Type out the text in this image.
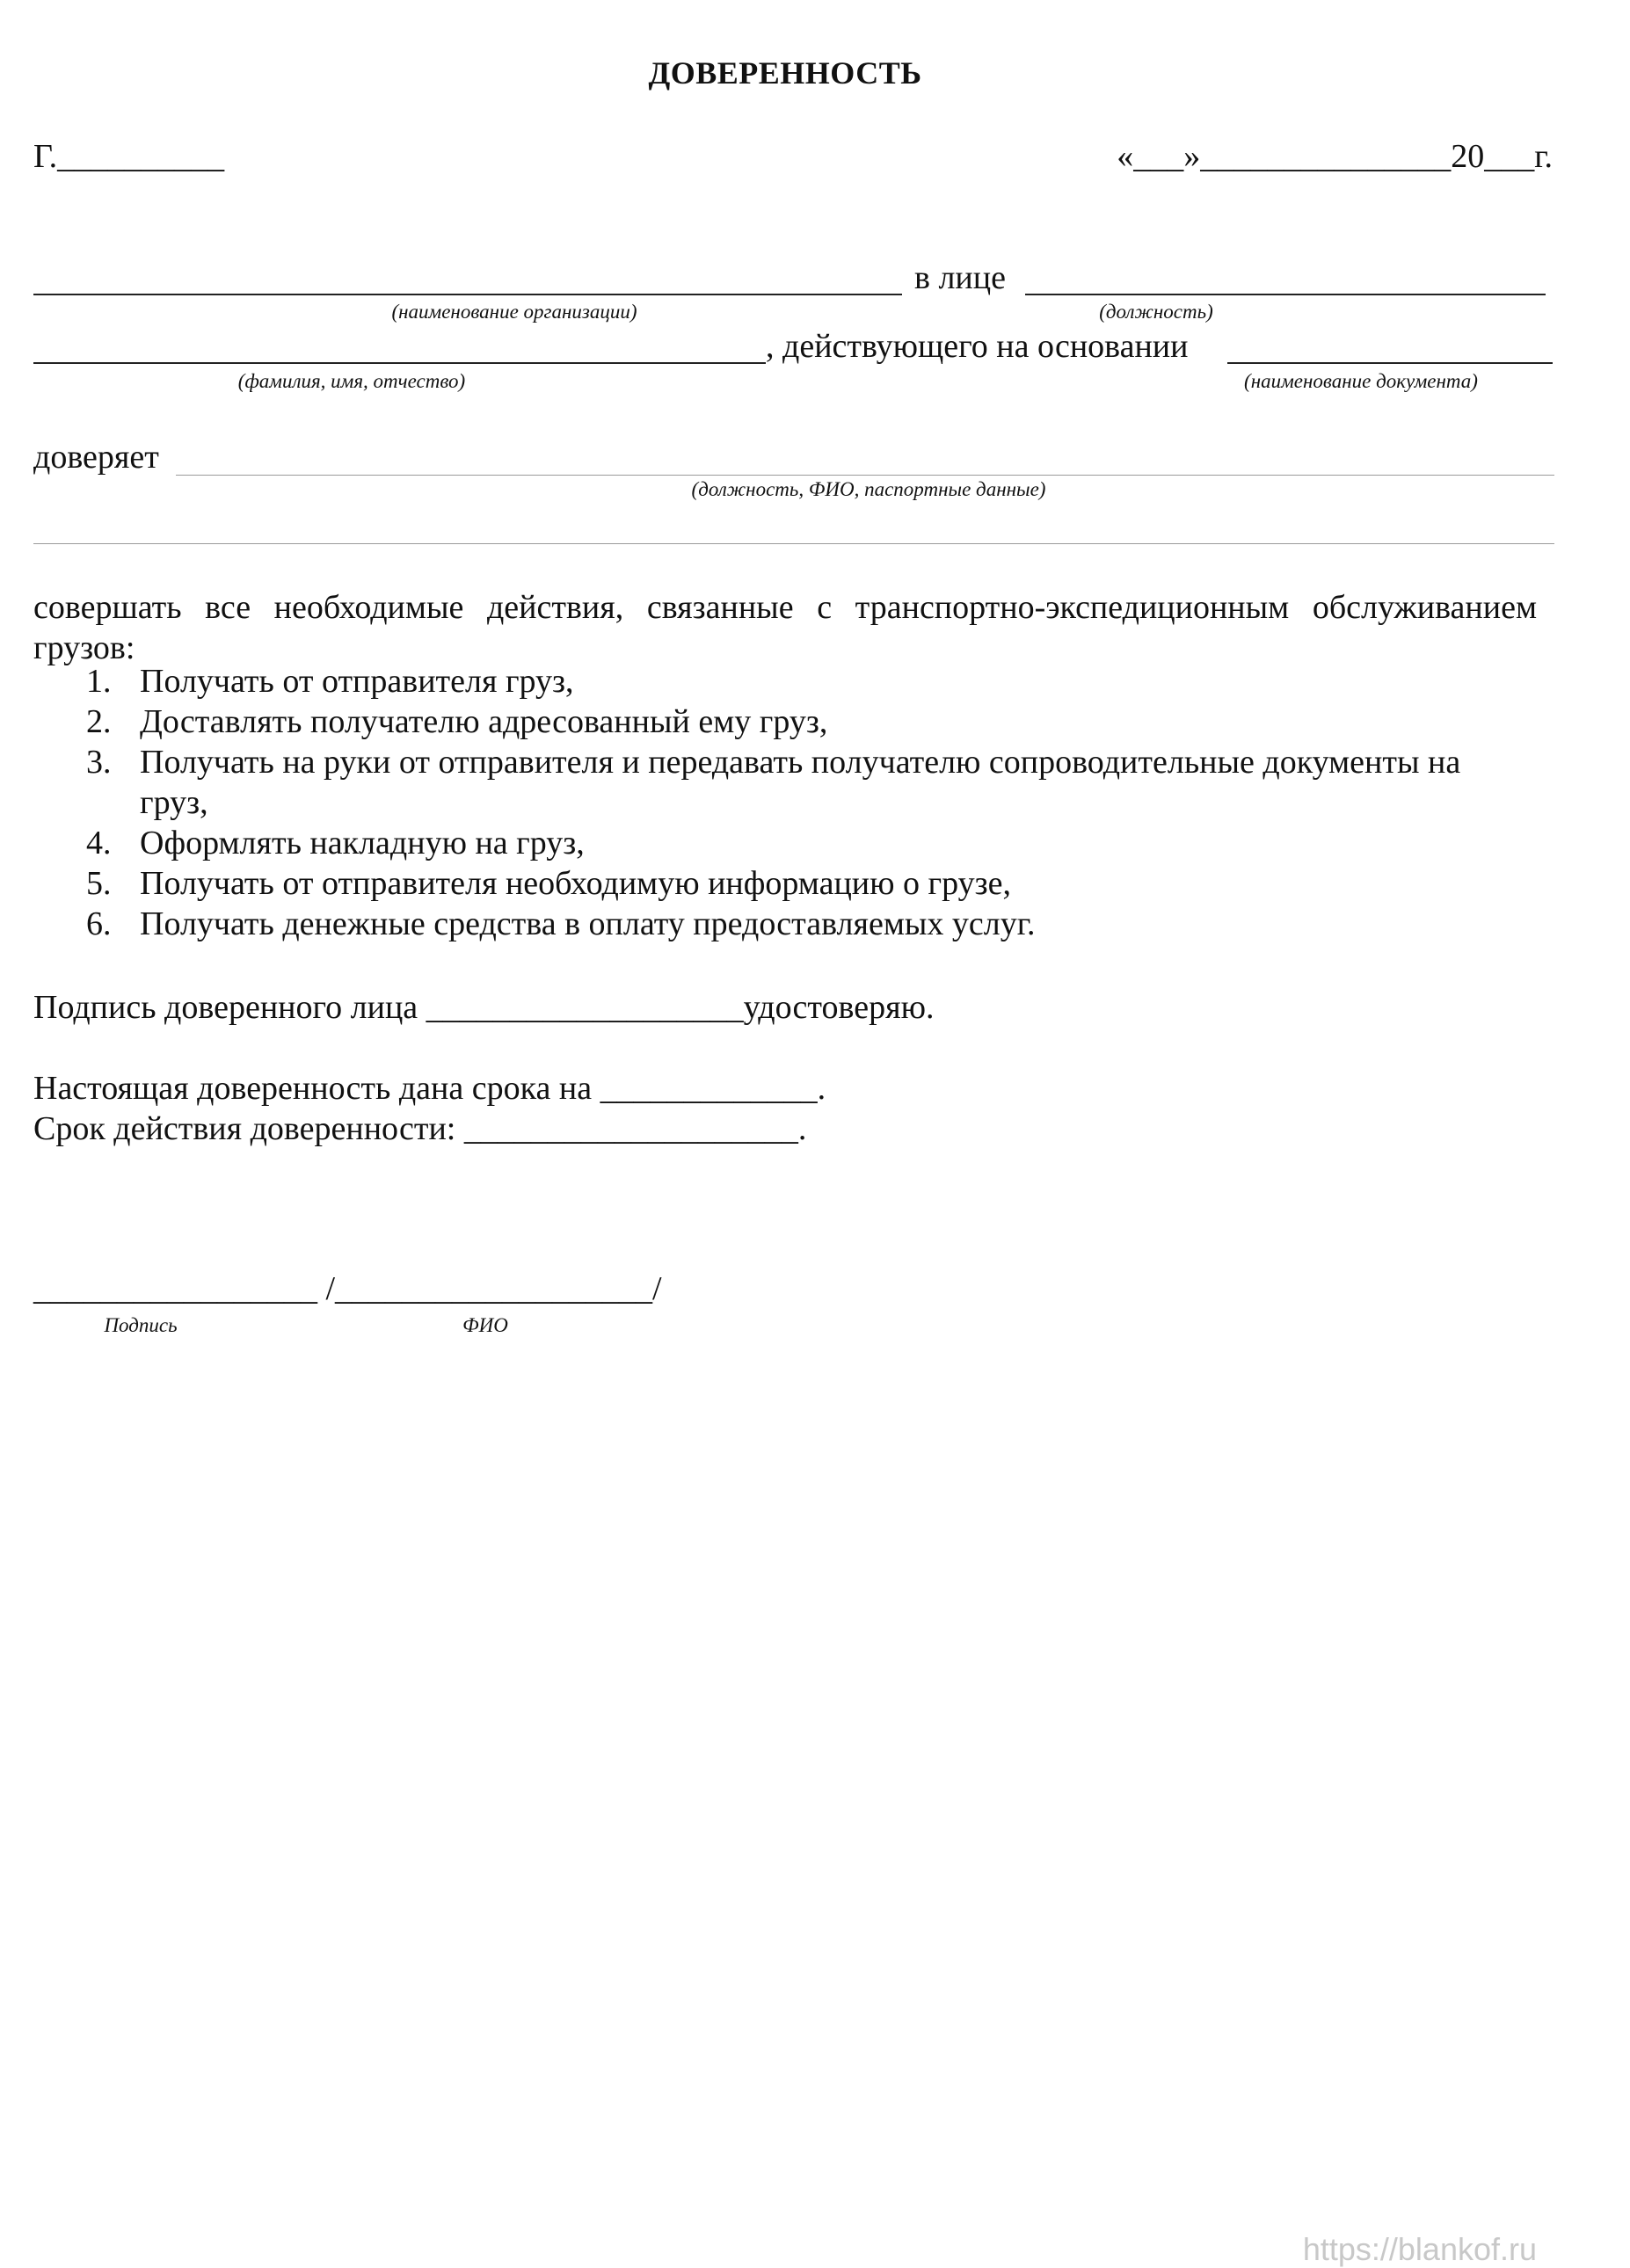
ДОВЕРЕННОСТЬ
Г.__________	«___»_______________20___г.
в лице
(наименование организации)	(должность)
, действующего на основании
(фамилия, имя, отчество)	(наименование документа)
доверяет
(должность, ФИО, паспортные данные)
совершать все необходимые действия, связанные с транспортно-экспедиционным обслуживанием грузов:
1. Получать от отправителя груз,
2. Доставлять получателю адресованный ему груз,
3. Получать на руки от отправителя и передавать получателю сопроводительные документы на груз,
4. Оформлять накладную на груз,
5. Получать от отправителя необходимую информацию о грузе,
6. Получать денежные средства в оплату предоставляемых услуг.
Подпись доверенного лица ___________________удостоверяю.
Настоящая доверенность дана срока на _____________.
Срок действия доверенности: ____________________.
_________________ /___________________/
Подпись	ФИО
https://blankof.ru
